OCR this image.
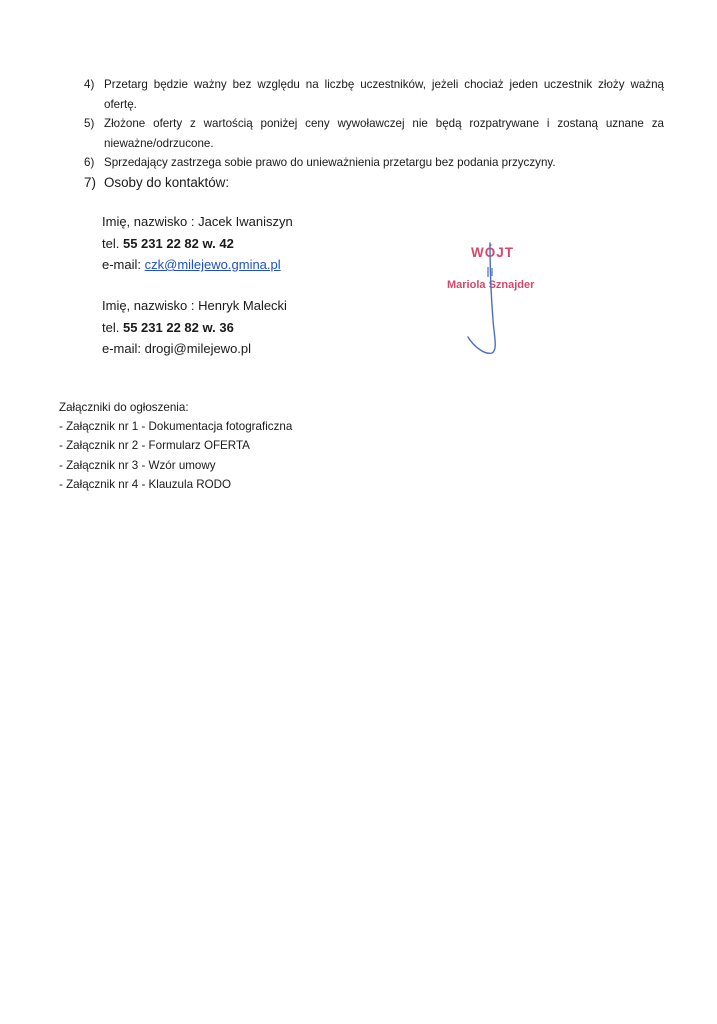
4) Przetarg będzie ważny bez względu na liczbę uczestników, jeżeli chociaż jeden uczestnik złoży ważną ofertę.
5) Złożone oferty z wartością poniżej ceny wywoławczej nie będą rozpatrywane i zostaną uznane za nieważne/odrzucone.
6) Sprzedający zastrzega sobie prawo do unieważnienia przetargu bez podania przyczyny.
7) Osoby do kontaktów:
Imię, nazwisko : Jacek Iwaniszyn
tel. 55 231 22 82 w. 42
e-mail: czk@milejewo.gmina.pl
Imię, nazwisko : Henryk Malecki
tel. 55 231 22 82 w. 36
e-mail: drogi@milejewo.pl
WÓJT
Mariola Sznajder
Załączniki do ogłoszenia:
- Załącznik nr 1 - Dokumentacja fotograficzna
- Załącznik nr 2 - Formularz OFERTA
- Załącznik nr 3 - Wzór umowy
- Załącznik nr 4 - Klauzula RODO
